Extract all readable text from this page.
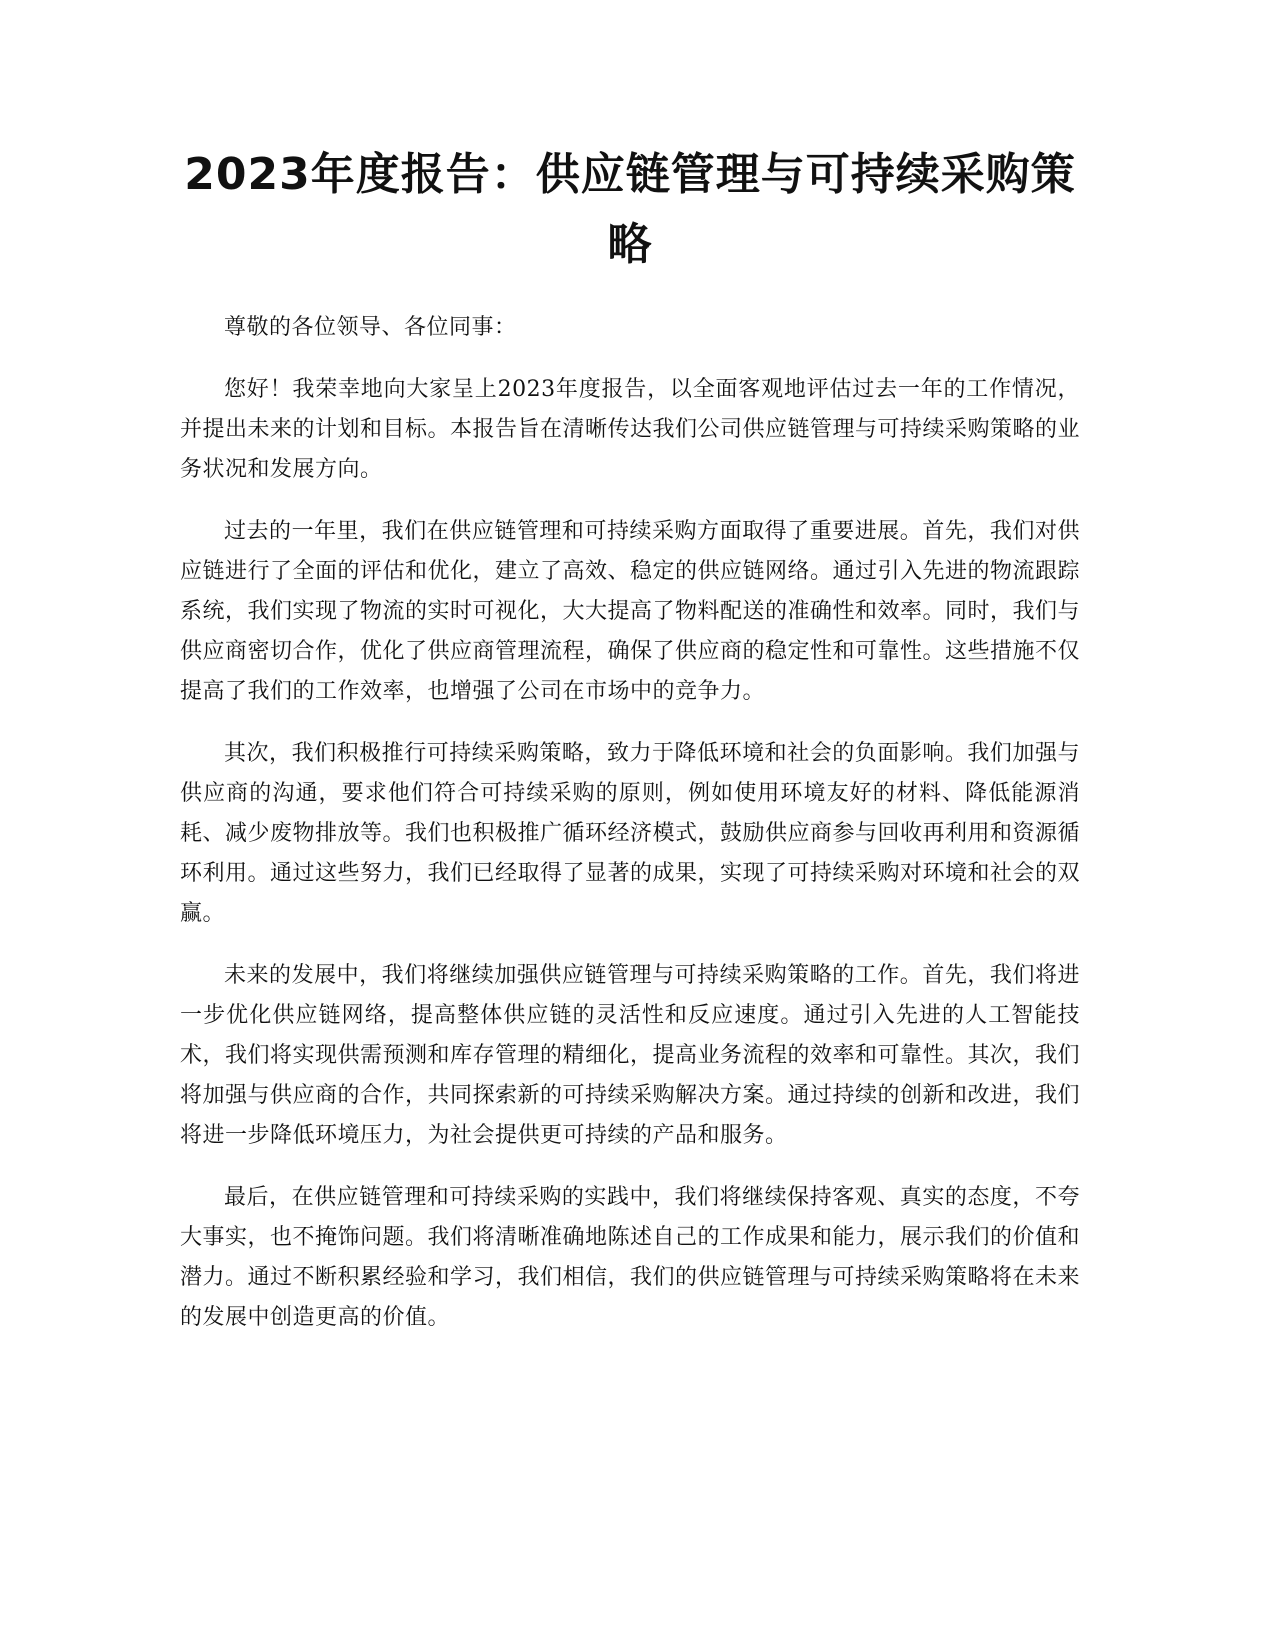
2023年度报告：供应链管理与可持续采购策略

尊敬的各位领导、各位同事：

您好！我荣幸地向大家呈上2023年度报告，以全面客观地评估过去一年的工作情况，并提出未来的计划和目标。本报告旨在清晰传达我们公司供应链管理与可持续采购策略的业务状况和发展方向。

过去的一年里，我们在供应链管理和可持续采购方面取得了重要进展。首先，我们对供应链进行了全面的评估和优化，建立了高效、稳定的供应链网络。通过引入先进的物流跟踪系统，我们实现了物流的实时可视化，大大提高了物料配送的准确性和效率。同时，我们与供应商密切合作，优化了供应商管理流程，确保了供应商的稳定性和可靠性。这些措施不仅提高了我们的工作效率，也增强了公司在市场中的竞争力。

其次，我们积极推行可持续采购策略，致力于降低环境和社会的负面影响。我们加强与供应商的沟通，要求他们符合可持续采购的原则，例如使用环境友好的材料、降低能源消耗、减少废物排放等。我们也积极推广循环经济模式，鼓励供应商参与回收再利用和资源循环利用。通过这些努力，我们已经取得了显著的成果，实现了可持续采购对环境和社会的双赢。

未来的发展中，我们将继续加强供应链管理与可持续采购策略的工作。首先，我们将进一步优化供应链网络，提高整体供应链的灵活性和反应速度。通过引入先进的人工智能技术，我们将实现供需预测和库存管理的精细化，提高业务流程的效率和可靠性。其次，我们将加强与供应商的合作，共同探索新的可持续采购解决方案。通过持续的创新和改进，我们将进一步降低环境压力，为社会提供更可持续的产品和服务。

最后，在供应链管理和可持续采购的实践中，我们将继续保持客观、真实的态度，不夸大事实，也不掩饰问题。我们将清晰准确地陈述自己的工作成果和能力，展示我们的价值和潜力。通过不断积累经验和学习，我们相信，我们的供应链管理与可持续采购策略将在未来的发展中创造更高的价值。
